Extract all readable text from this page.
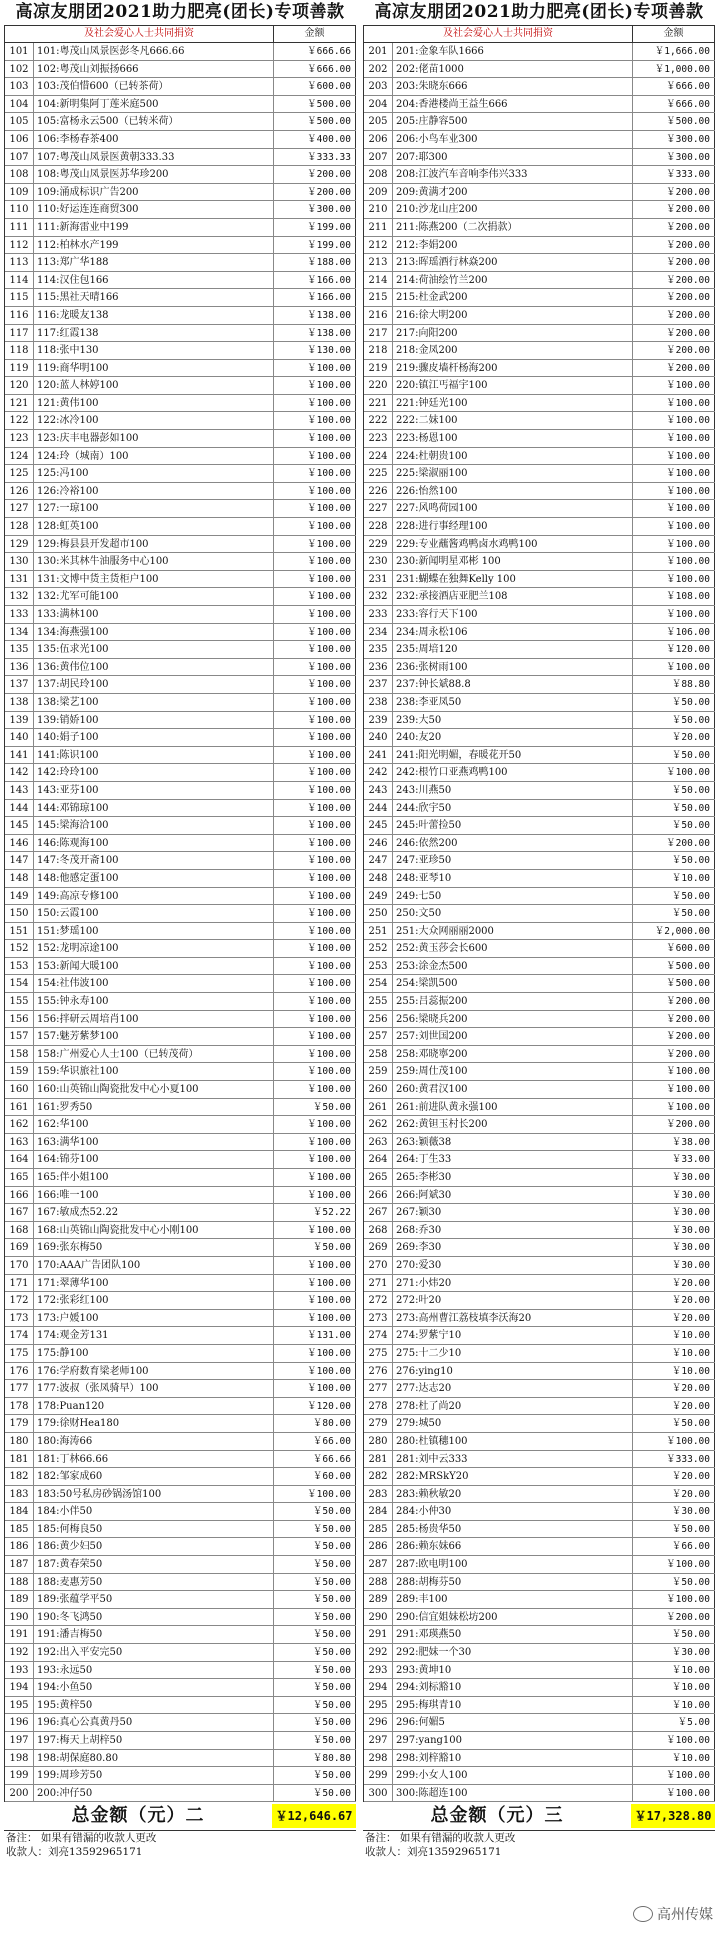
高凉友朋团2021助力肥亮(团长)专项善款
及社会爱心人士共同捐资	金额
101 101:粤茂山凤景医彭冬凡666.66	￥666.66
102 102:粤茂山刘振扬666	￥666.00
103 103:茂伯惜600（已转茶荷）	￥600.00
104 104:新明集阿丁莲米庭500	￥500.00
105 105:富杨永云500（已转米荷）	￥500.00
106 106:李杨春茶400	￥400.00
107 107:粤茂山凤景医黄朝333.33	￥333.33
108 108:粤茂山凤景医苏华珍200	￥200.00
109 109:涌成标识广告200	￥200.00
110 110:好运连连商贸300	￥300.00
111 111:新海雷业中199	￥199.00
112 112:柏林水产199	￥199.00
113 113:郑广华188	￥188.00
114 114:汉住包166	￥166.00
115 115:黑社天晴166	￥166.00
116 116:龙暖友138	￥138.00
117 117:红霞138	￥138.00
118 118:张中130	￥130.00
119 119:商华明100	￥100.00
120 120:蓝人林婷100	￥100.00
121 121:黄伟100	￥100.00
122 122:冰冷100	￥100.00
123 123:庆丰电器彭如100	￥100.00
124 124:玲（城南）100	￥100.00
125 125:冯100	￥100.00
126 126:冷裕100	￥100.00
127 127:一琼100	￥100.00
128 128:虹英100	￥100.00
129 129:梅县县开发超市100	￥100.00
130 130:米其林牛油服务中心100	￥100.00
131 131:文博中货主货柜户100	￥100.00
132 132:尤军可能100	￥100.00
133 133:满林100	￥100.00
134 134:海燕强100	￥100.00
135 135:伍求光100	￥100.00
136 136:黄伟位100	￥100.00
137 137:胡民玲100	￥100.00
138 138:梁艺100	￥100.00
139 139:销娇100	￥100.00
140 140:娟子100	￥100.00
141 141:陈识100	￥100.00
142 142:玲玲100	￥100.00
143 143:亚芬100	￥100.00
144 144:邓锦琼100	￥100.00
145 145:梁海洽100	￥100.00
146 146:陈观海100	￥100.00
147 147:冬茂开斋100	￥100.00
148 148:他感定蛋100	￥100.00
149 149:高凉专修100	￥100.00
150 150:云霞100	￥100.00
151 151:梦瑶100	￥100.00
152 152:龙明凉途100	￥100.00
153 153:新闻大暖100	￥100.00
154 154:社伟波100	￥100.00
155 155:钟永寿100	￥100.00
156 156:拌研云周培肖100	￥100.00
157 157:魅芳紫梦100	￥100.00
158 158:广州爱心人士100（已转茂荷）	￥100.00
159 159:华识旅社100	￥100.00
160 160:山英锦山陶瓷批发中心小夏100	￥100.00
161 161:罗秀50	￥50.00
162 162:华100	￥100.00
163 163:满华100	￥100.00
164 164:锦芬100	￥100.00
165 165:伴小姐100	￥100.00
166 166:唯一100	￥100.00
167 167:敏成杰52.22	￥52.22
168 168:山英锦山陶瓷批发中心小刚100	￥100.00
169 169:张东梅50	￥50.00
170 170:AAA广告团队100	￥100.00
171 171:翠薄华100	￥100.00
172 172:张彩红100	￥100.00
173 173:户媛100	￥100.00
174 174:观金芳131	￥131.00
175 175:静100	￥100.00
176 176:学府数育梁老师100	￥100.00
177 177:波叔（张凤骑早）100	￥100.00
178 178:Puan120	￥120.00
179 179:徐财Hea180	￥80.00
180 180:海涛66	￥66.00
181 181:丁林66.66	￥66.66
182 182:邹家成60	￥60.00
183 183:50号私房砂锅汤馆100	￥100.00
184 184:小伴50	￥50.00
185 185:何梅良50	￥50.00
186 186:黄少妇50	￥50.00
187 187:黄春荣50	￥50.00
188 188:麦惠芳50	￥50.00
189 189:张蕴学平50	￥50.00
190 190:冬飞鸿50	￥50.00
191 191:潘吉梅50	￥50.00
192 192:出入平安完50	￥50.00
193 193:永远50	￥50.00
194 194:小鱼50	￥50.00
195 195:黄梓50	￥50.00
196 196:真心公真黄丹50	￥50.00
197 197:梅天上胡梓50	￥50.00
198 198:胡保庭80.80	￥80.80
199 199:周珍芳50	￥50.00
200 200:冲仔50	￥50.00
总金额（元）二	￥12,646.67
备注： 如果有错漏的收款人更改
收款人：刘亮13592965171
高凉友朋团2021助力肥亮(团长)专项善款
及社会爱心人士共同捐资	金额
201 201:金象车队1666	￥1,666.00
202 202:佬苗1000	￥1,000.00
203 203:朱晓东666	￥666.00
204 204:香港楼尚王益生666	￥666.00
205 205:庄静容500	￥500.00
206 206:小鸟车业300	￥300.00
207 207:耶300	￥300.00
208 208:江波汽车音响李伟兴333	￥333.00
209 209:黄满才200	￥200.00
210 210:沙龙山庄200	￥200.00
211 211:陈燕200（二次捐款）	￥200.00
212 212:李娟200	￥200.00
213 213:晖瑶酒行林焱200	￥200.00
214 214:荷油绘竹兰200	￥200.00
215 215:杜金武200	￥200.00
216 216:徐大明200	￥200.00
217 217:向阳200	￥200.00
218 218:金凤200	￥200.00
219 219:骤皮墙杆杨海200	￥200.00
220 220:镇江丐福宇100	￥100.00
221 221:钟廷光100	￥100.00
222 222:二妹100	￥100.00
223 223:杨恩100	￥100.00
224 224:杜朝贵100	￥100.00
225 225:梁淑丽100	￥100.00
226 226:怡然100	￥100.00
227 227:风鸣荷园100	￥100.00
228 228:进行事经理100	￥100.00
229 229:专业蘸酱鸡鸭卤水鸡鸭100	￥100.00
230 230:新闻明星邓彬 100	￥100.00
231 231:蝴蝶在独舞Kelly 100	￥100.00
232 232:承接酒店亚肥兰108	￥108.00
233 233:容行天下100	￥100.00
234 234:周永松106	￥106.00
235 235:周培120	￥120.00
236 236:张树雨100	￥100.00
237 237:钟长斌88.8	￥88.80
238 238:李亚凤50	￥50.00
239 239:大50	￥50.00
240 240:友20	￥20.00
241 241:阳光明媚，春暖花开50	￥50.00
242 242:根竹口亚燕鸡鸭100	￥100.00
243 243:川燕50	￥50.00
244 244:欣宇50	￥50.00
245 245:叶蕾捡50	￥50.00
246 246:依然200	￥200.00
247 247:亚珍50	￥50.00
248 248:亚琴10	￥10.00
249 249:七50	￥50.00
250 250:文50	￥50.00
251 251:大众网丽丽2000	￥2,000.00
252 252:黄玉莎会长600	￥600.00
253 253:涂金杰500	￥500.00
254 254:梁凯500	￥500.00
255 255:吕蕊振200	￥200.00
256 256:梁晓兵200	￥200.00
257 257:刘世国200	￥200.00
258 258:邓晓寧200	￥200.00
259 259:周仕茂100	￥100.00
260 260:黄君汉100	￥100.00
261 261:前进队黄永强100	￥100.00
262 262:黄钽玉村长200	￥200.00
263 263:颖薇38	￥38.00
264 264:丁生33	￥33.00
265 265:李彬30	￥30.00
266 266:阿斌30	￥30.00
267 267:颖30	￥30.00
268 268:乔30	￥30.00
269 269:李30	￥30.00
270 270:爱30	￥30.00
271 271:小炜20	￥20.00
272 272:叶20	￥20.00
273 273:高州曹江荔枝填李沃海20	￥20.00
274 274:罗紫宁10	￥10.00
275 275:十二少10	￥10.00
276 276:ying10	￥10.00
277 277:达志20	￥20.00
278 278:杜了尚20	￥20.00
279 279:城50	￥50.00
280 280:杜镇穗100	￥100.00
281 281:刘中云333	￥333.00
282 282:MRSkY20	￥20.00
283 283:赖秋敏20	￥20.00
284 284:小仲30	￥30.00
285 285:杨贵华50	￥50.00
286 286:赖东妹66	￥66.00
287 287:欧电明100	￥100.00
288 288:胡梅芬50	￥50.00
289 289:丰100	￥100.00
290 290:信宜姐妹松坊200	￥200.00
291 291:邓瑛燕50	￥50.00
292 292:肥妹一个30	￥30.00
293 293:黄坤10	￥10.00
294 294:刘标豁10	￥10.00
295 295:梅琪青10	￥10.00
296 296:何媚5	￥5.00
297 297:yang100	￥100.00
298 298:刘梓豁10	￥10.00
299 299:小女人100	￥100.00
300 300:陈超连100	￥100.00
总金额（元）三	￥17,328.80
备注： 如果有错漏的收款人更改
收款人：刘亮13592965171
高州传媒
